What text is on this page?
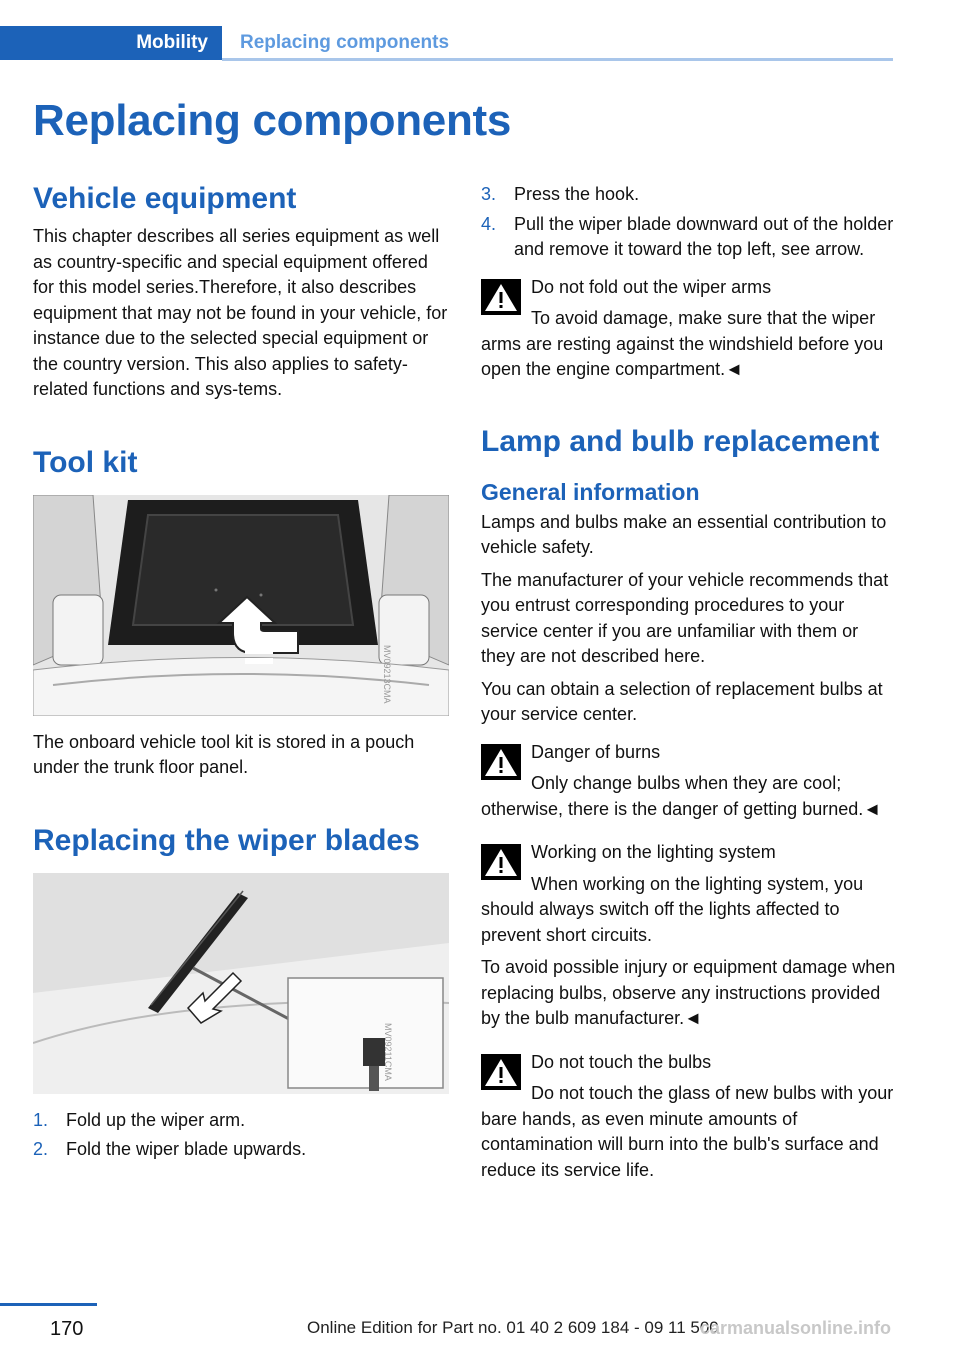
Mobility	Replacing components
Replacing components
Vehicle equipment

This chapter describes all series equipment as well as country-specific and special equipment offered for this model series.Therefore, it also describes equipment that may not be found in your vehicle, for instance due to the selected special equipment or the country version. This also applies to safety-related functions and sys-tems.

Tool kit
MV09213CMA

The onboard vehicle tool kit is stored in a pouch under the trunk floor panel.

Replacing the wiper blades
MV09211CMA
1. Fold up the wiper arm.
2. Fold the wiper blade upwards.
3. Press the hook.
4. Pull the wiper blade downward out of the holder and remove it toward the top left, see arrow.
Do not fold out the wiper arms
To avoid damage, make sure that the wiper arms are resting against the windshield before you open the engine compartment.◄
Lamp and bulb replacement
General information

Lamps and bulbs make an essential contribution to vehicle safety.

The manufacturer of your vehicle recommends that you entrust corresponding procedures to your service center if you are unfamiliar with them or they are not described here.

You can obtain a selection of replacement bulbs at your service center.

Danger of burns
Only change bulbs when they are cool; otherwise, there is the danger of getting burned.◄
Working on the lighting system
When working on the lighting system, you should always switch off the lights affected to prevent short circuits.

To avoid possible injury or equipment damage when replacing bulbs, observe any instructions provided by the bulb manufacturer.◄

Do not touch the bulbs
Do not touch the glass of new bulbs with your bare hands, as even minute amounts of contamination will burn into the bulb's surface and reduce its service life.
170	Online Edition for Part no. 01 40 2 609 184 - 09 11 500
carmanualsonline.info
